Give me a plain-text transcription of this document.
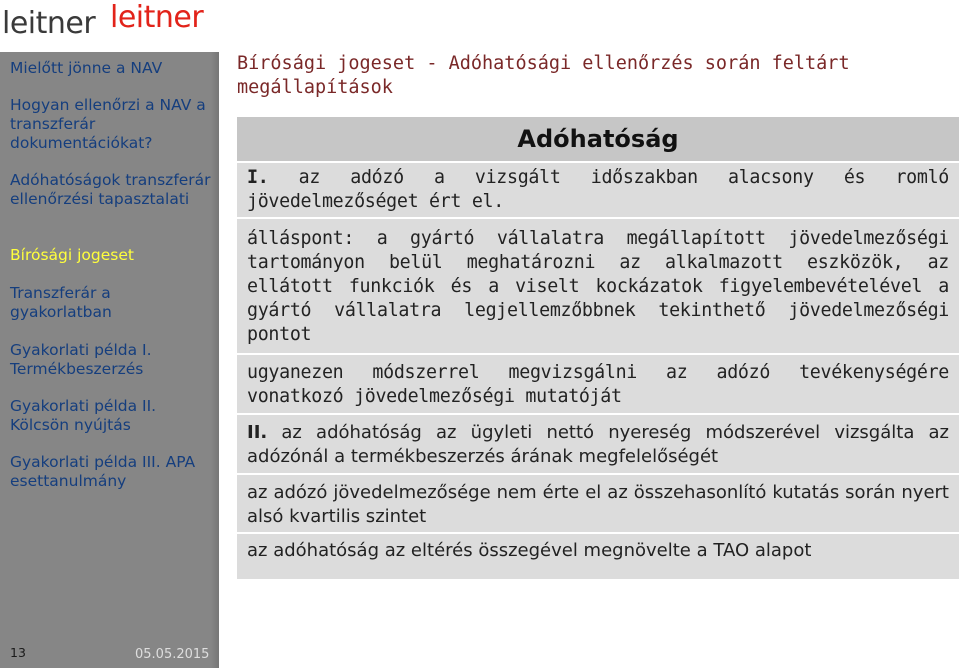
leitner leitner
Mielőtt jönne a NAV
Hogyan ellenőrzi a NAV a transzferár dokumentációkat?
Adóhatóságok transzferár ellenőrzési tapasztalati
Bírósági jogeset
Transzferár a gyakorlatban
Gyakorlati példa I. Termékbeszerzés
Gyakorlati példa II. Kölcsön nyújtás
Gyakorlati példa III. APA esettanulmány
13	05.05.2015
Bírósági jogeset - Adóhatósági ellenőrzés során feltárt megállapítások
Adóhatóság
I. az adózó a vizsgált időszakban alacsony és romló jövedelmezőséget ért el.
álláspont: a gyártó vállalatra megállapított jövedelmezőségi tartományon belül meghatározni az alkalmazott eszközök, az ellátott funkciók és a viselt kockázatok figyelembevételével a gyártó vállalatra legjellemzőbbnek tekinthető jövedelmezőségi pontot
ugyanezen módszerrel megvizsgálni az adózó tevékenységére vonatkozó jövedelmezőségi mutatóját
II. az adóhatóság az ügyleti nettó nyereség módszerével vizsgálta az adózónál a termékbeszerzés árának megfelelőségét
az adózó jövedelmezősége nem érte el az összehasonlító kutatás során nyert alsó kvartilis szintet
az adóhatóság az eltérés összegével megnövelte a TAO alapot
